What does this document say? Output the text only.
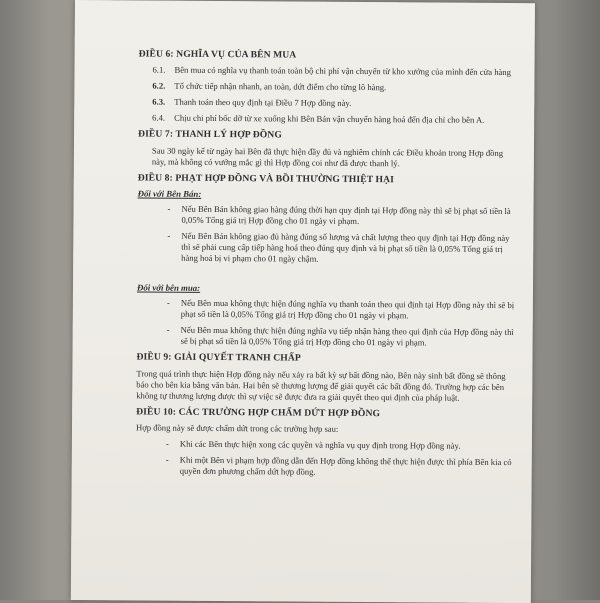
ĐIỀU 6: NGHĨA VỤ CỦA BÊN MUA
6.1.	Bên mua có nghĩa vụ thanh toán toàn bộ chi phí vận chuyển từ kho xưởng của mình đến cửa hàng
6.2.	Tổ chức tiếp nhận nhanh, an toàn, dứt điểm cho từng lô hàng.
6.3.	Thanh toán theo quy định tại Điều 7 Hợp đồng này.
6.4.	Chịu chi phí bốc dỡ từ xe xuống khi Bên Bán vận chuyển hàng hoá đến địa chỉ cho bên A.
ĐIỀU 7: THANH LÝ HỢP ĐỒNG
Sau 30 ngày kể từ ngày hai Bên đã thực hiện đầy đủ và nghiêm chỉnh các Điều khoản trong Hợp đồng này, mà không có vướng mắc gì thì Hợp đồng coi như đã được thanh lý.
ĐIỀU 8: PHẠT HỢP ĐỒNG VÀ BỒI THƯỜNG THIỆT HẠI
Đối với Bên Bán:
-	Nếu Bên Bán không giao hàng đúng thời hạn quy định tại Hợp đồng này thì sẽ bị phạt số tiền là 0,05% Tổng giá trị Hợp đồng cho 01 ngày vi phạm.
-	Nếu Bên Bán không giao đủ hàng đúng số lượng và chất lượng theo quy định tại Hợp đồng này thì sẽ phải cung cấp tiếp hàng hoá theo đúng quy định và bị phạt số tiền là 0,05% Tổng giá trị hàng hoá bị vi phạm cho 01 ngày chậm.
Đối với bên mua:
-	Nếu Bên mua không thực hiện đúng nghĩa vụ thanh toán theo qui định tại Hợp đồng này thì sẽ bị phạt số tiền là 0,05% Tổng giá trị Hợp đồng cho 01 ngày vi phạm.
-	Nếu Bên mua không thực hiện đúng nghĩa vụ tiếp nhận hàng theo qui định của Hợp đồng này thì sẽ bị phạt số tiền là 0,05% Tổng giá trị Hợp đồng cho 01 ngày vi phạm.
ĐIỀU 9: GIẢI QUYẾT TRANH CHẤP
Trong quá trình thực hiện Hợp đồng này nếu xảy ra bất kỳ sự bất đồng nào, Bên này sinh bất đồng sẽ thông báo cho bên kia bằng văn bản. Hai bên sẽ thương lượng để giải quyết các bất đồng đó. Trường hợp các bên không tự thương lượng được thì sự việc sẽ được đưa ra giải quyết theo qui định của pháp luật.
ĐIỀU 10: CÁC TRƯỜNG HỢP CHẤM DỨT HỢP ĐỒNG
Hợp đồng này sẽ được chấm dứt trong các trường hợp sau:
-	Khi các Bên thực hiện xong các quyền và nghĩa vụ quy định trong Hợp đồng này.
-	Khi một Bên vi phạm hợp đồng dẫn đến Hợp đồng không thể thực hiện được thì phía Bên kia có quyền đơn phương chấm dứt hợp đồng.
